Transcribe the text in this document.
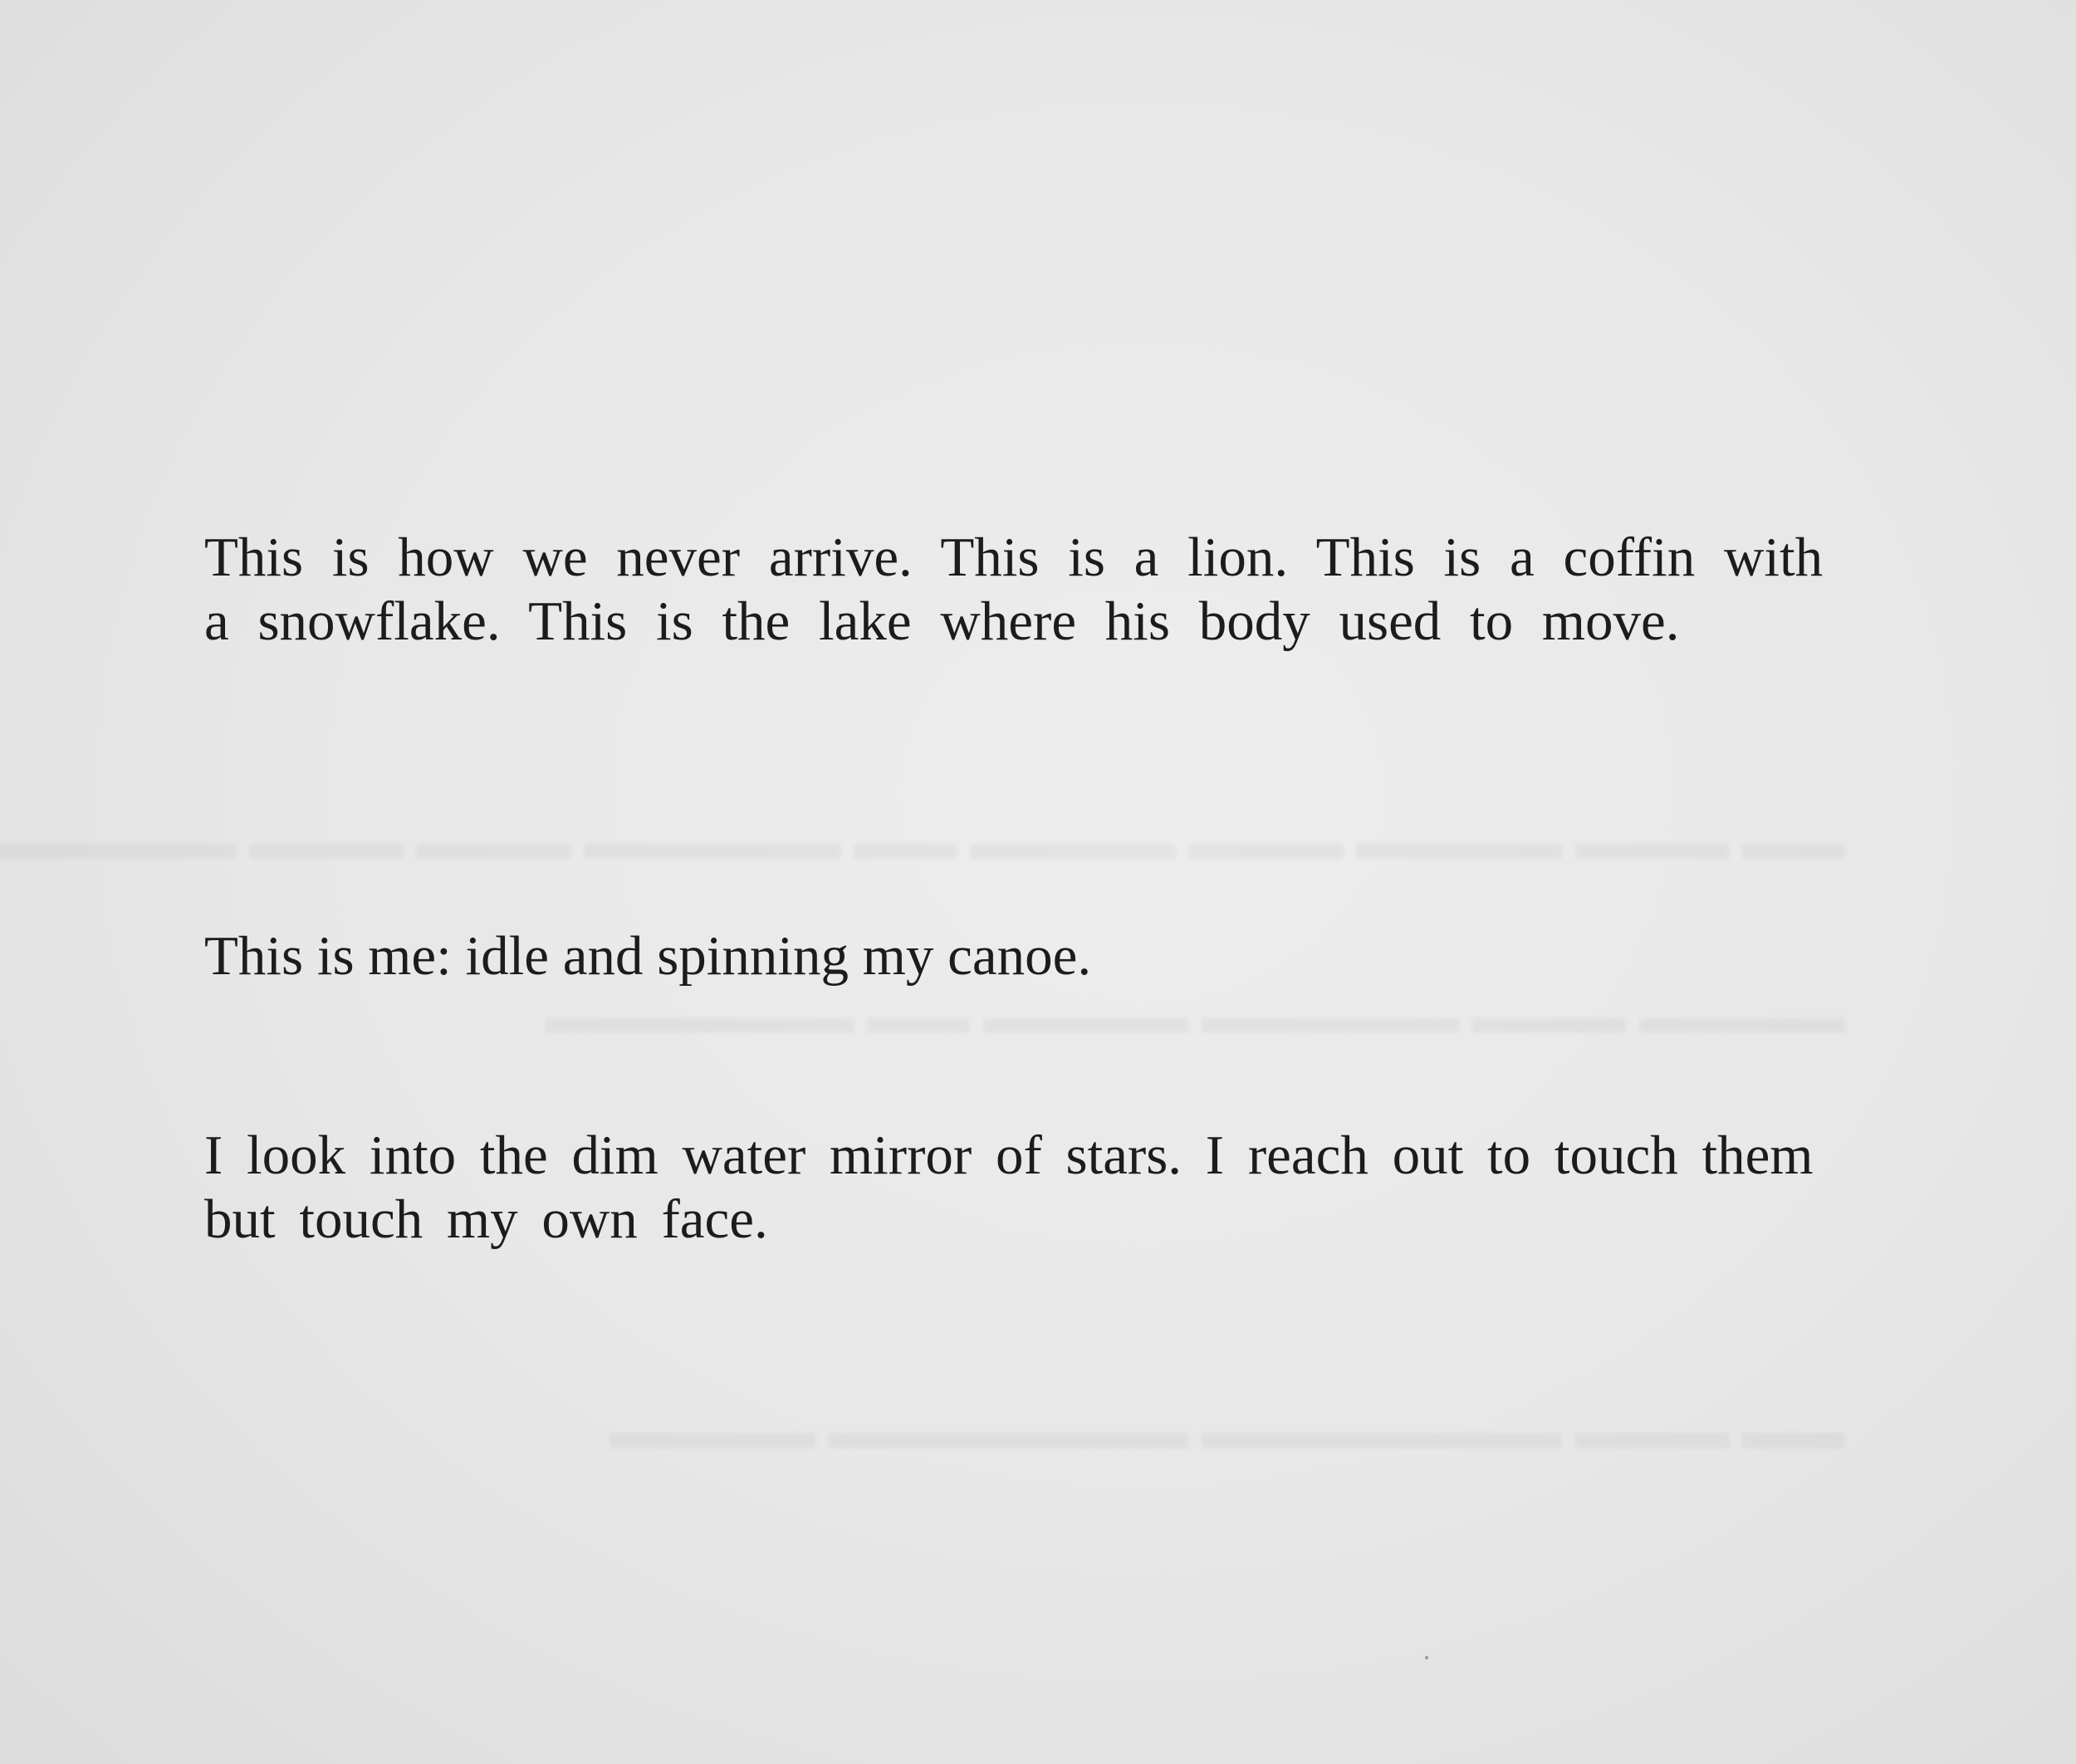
This is how we never arrive. This is a lion. This is a coffin with a snowflake. This is the lake where his body used to move.

This is me: idle and spinning my canoe.

I look into the dim water mirror of stars. I reach out to touch them but touch my own face.
